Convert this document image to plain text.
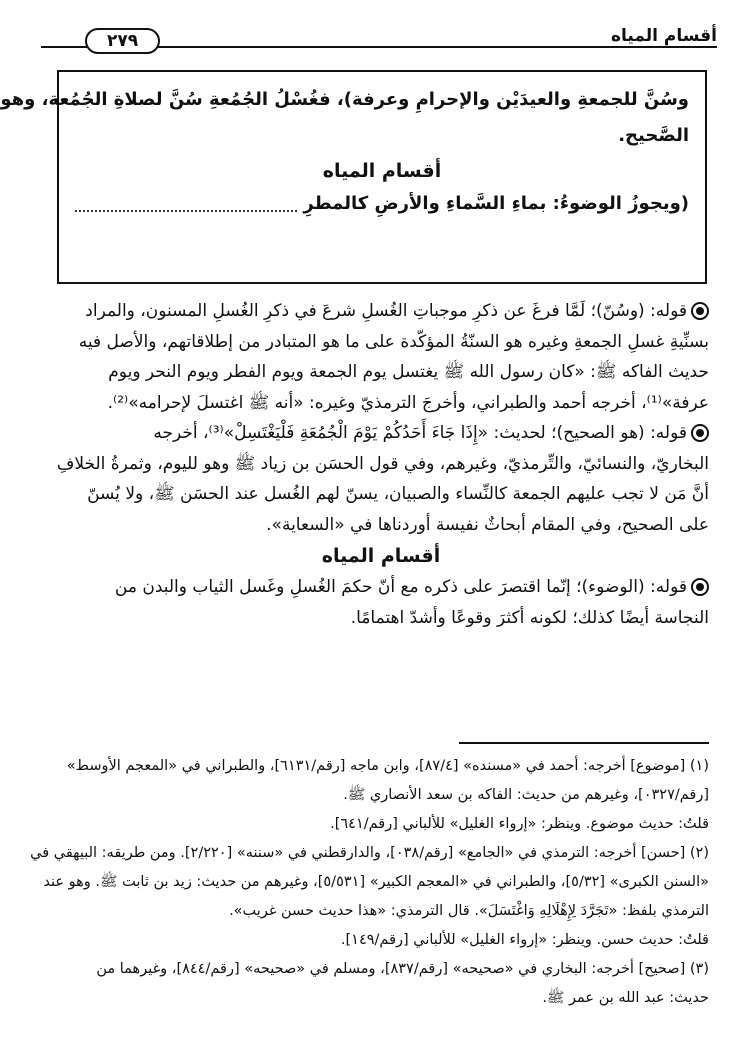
أقسام المياه
٢٧٩
وسُنَّ للجمعةِ والعيدَيْن والإحرامِ وعرفة)، فغُسْلُ الجُمُعةِ سُنَّ لصلاةِ الجُمُعة، وهو
الصَّحيح.
أقسام المياه
(ويجوزُ الوضوءُ: بماءِ السَّماءِ والأرضِ كالمطرِ
قوله: (وسُنّ)؛ لَمَّا فرغَ عن ذكرِ موجباتِ الغُسلِ شرعَ في ذكرِ الغُسلِ المسنون، والمراد
بسنِّيةِ غسلِ الجمعةِ وغيره هو السنّةُ المؤكّدة على ما هو المتبادر من إطلاقاتهم، والأصل فيه
حديث الفاكه ﷺ: «كان رسول الله ﷺ يغتسل يوم الجمعة ويوم الفطر ويوم النحر ويوم
عرفة»⁽¹⁾، أخرجه أحمد والطبراني، وأخرجَ الترمذيّ وغيره: «أنه ﷺ اغتسلَ لإحرامه»⁽²⁾.
قوله: (هو الصحيح)؛ لحديث: «إِذَا جَاءَ أَحَدُكُمْ يَوْمَ الْجُمُعَةِ فَلْيَغْتَسِلْ»⁽³⁾، أخرجه
البخاريّ، والنسائيّ، والتِّرمذيّ، وغيرهم، وفي قول الحسَن بن زياد ﷺ وهو لليوم، وثمرةُ الخلافِ
أنَّ مَن لا تجب عليهم الجمعة كالنِّساء والصبيان، يسنّ لهم الغُسل عند الحسَن ﷺ، ولا يُسنّ
على الصحيح، وفي المقام أبحاثٌ نفيسة أوردناها في «السعاية».
أقسام المياه
قوله: (الوضوء)؛ إنّما اقتصرَ على ذكره مع أنّ حكمَ الغُسلِ وغَسل الثياب والبدن من
النجاسة أيضًا كذلك؛ لكونه أكثرَ وقوعًا وأشدّ اهتمامًا.
(١) [موضوع] أخرجه: أحمد في «مسنده» [٨٧/٤]، وابن ماجه [رقم/٦١٣١]، والطبراني في «المعجم الأوسط»
[رقم/٠٣٢٧]، وغيرهم من حديث: الفاكه بن سعد الأنصاري ﷺ.
قلتُ: حديث موضوع. وينظر: «إرواء الغليل» للألباني [رقم/٦٤١].
(٢) [حسن] أخرجه: الترمذي في «الجامع» [رقم/٠٣٨]، والدارقطني في «سننه» [٢/٢٢٠]. ومن طريقه: البيهقي في
«السنن الكبرى» [٥/٣٢]، والطبراني في «المعجم الكبير» [٥/٥٣١]، وغيرهم من حديث: زيد بن ثابت ﷺ. وهو عند
الترمذي بلفظ: «تَجَرَّدَ لِإِهْلَالِهِ وَاغْتَسَلَ». قال الترمذي: «هذا حديث حسن غريب».
قلتُ: حديث حسن. وينظر: «إرواء الغليل» للألباني [رقم/١٤٩].
(٣) [صحيح] أخرجه: البخاري في «صحيحه» [رقم/٨٣٧]، ومسلم في «صحيحه» [رقم/٨٤٤]، وغيرهما من
حديث: عبد الله بن عمر ﷺ.
